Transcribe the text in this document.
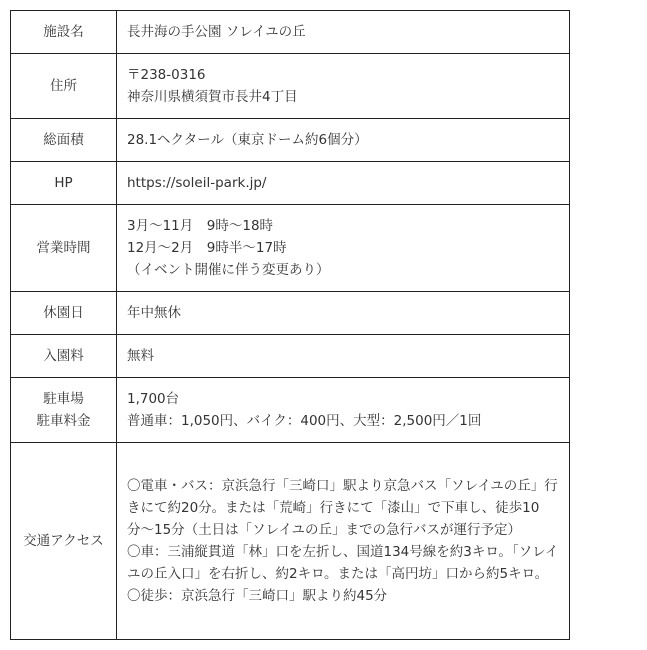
施設名	長井海の手公園 ソレイユの丘

住所	〒238-0316
神奈川県横須賀市長井4丁目

総面積	28.1ヘクタール（東京ドーム約6個分）

HP	https://soleil-park.jp/

営業時間	3月～11月　9時～18時
12月～2月　9時半～17時
（イベント開催に伴う変更あり）

休園日	年中無休

入園料	無料

駐車場
駐車料金	1,700台
普通車：1,050円、バイク：400円、大型：2,500円／1回

交通アクセス	〇電車・バス：京浜急行「三崎口」駅より京急バス「ソレイユの丘」行きにて約20分。または「荒崎」行きにて「漆山」で下車し、徒歩10分〜15分（土日は「ソレイユの丘」までの急行バスが運行予定）
〇車：三浦縦貫道「林」口を左折し、国道134号線を約3キロ。「ソレイユの丘入口」を右折し、約2キロ。または「高円坊」口から約5キロ。
〇徒歩：京浜急行「三崎口」駅より約45分
